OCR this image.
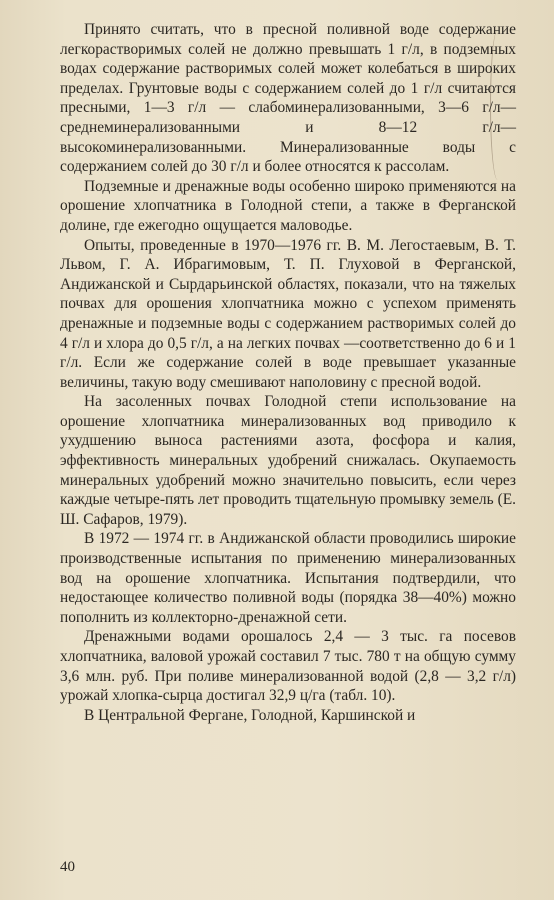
Принято считать, что в пресной поливной воде содержание легкорастворимых солей не должно превышать 1 г/л, в подземных водах содержание растворимых солей может колебаться в широких пределах. Грунтовые воды с содержанием солей до 1 г/л считаются пресными, 1—3 г/л — слабоминерализованными, 3—6 г/л—среднеминерализованными и 8—12 г/л—высокоминерализованными. Минерализованные воды с содержанием солей до 30 г/л и более относятся к рассолам.

Подземные и дренажные воды особенно широко применяются на орошение хлопчатника в Голодной степи, а также в Ферганской долине, где ежегодно ощущается маловодье.

Опыты, проведенные в 1970—1976 гг. В. М. Легостаевым, В. Т. Львом, Г. А. Ибрагимовым, Т. П. Глуховой в Ферганской, Андижанской и Сырдарьинской областях, показали, что на тяжелых почвах для орошения хлопчатника можно с успехом применять дренажные и подземные воды с содержанием растворимых солей до 4 г/л и хлора до 0,5 г/л, а на легких почвах —соответственно до 6 и 1 г/л. Если же содержание солей в воде превышает указанные величины, такую воду смешивают наполовину с пресной водой.

На засоленных почвах Голодной степи использование на орошение хлопчатника минерализованных вод приводило к ухудшению выноса растениями азота, фосфора и калия, эффективность минеральных удобрений снижалась. Окупаемость минеральных удобрений можно значительно повысить, если через каждые четыре-пять лет проводить тщательную промывку земель (Е. Ш. Сафаров, 1979).

В 1972 — 1974 гг. в Андижанской области проводились широкие производственные испытания по применению минерализованных вод на орошение хлопчатника. Испытания подтвердили, что недостающее количество поливной воды (порядка 38—40%) можно пополнить из коллекторно-дренажной сети.

Дренажными водами орошалось 2,4 — 3 тыс. га посевов хлопчатника, валовой урожай составил 7 тыс. 780 т на общую сумму 3,6 млн. руб. При поливе минерализованной водой (2,8 — 3,2 г/л) урожай хлопка-сырца достигал 32,9 ц/га (табл. 10).

В Центральной Фергане, Голодной, Каршинской и

40
